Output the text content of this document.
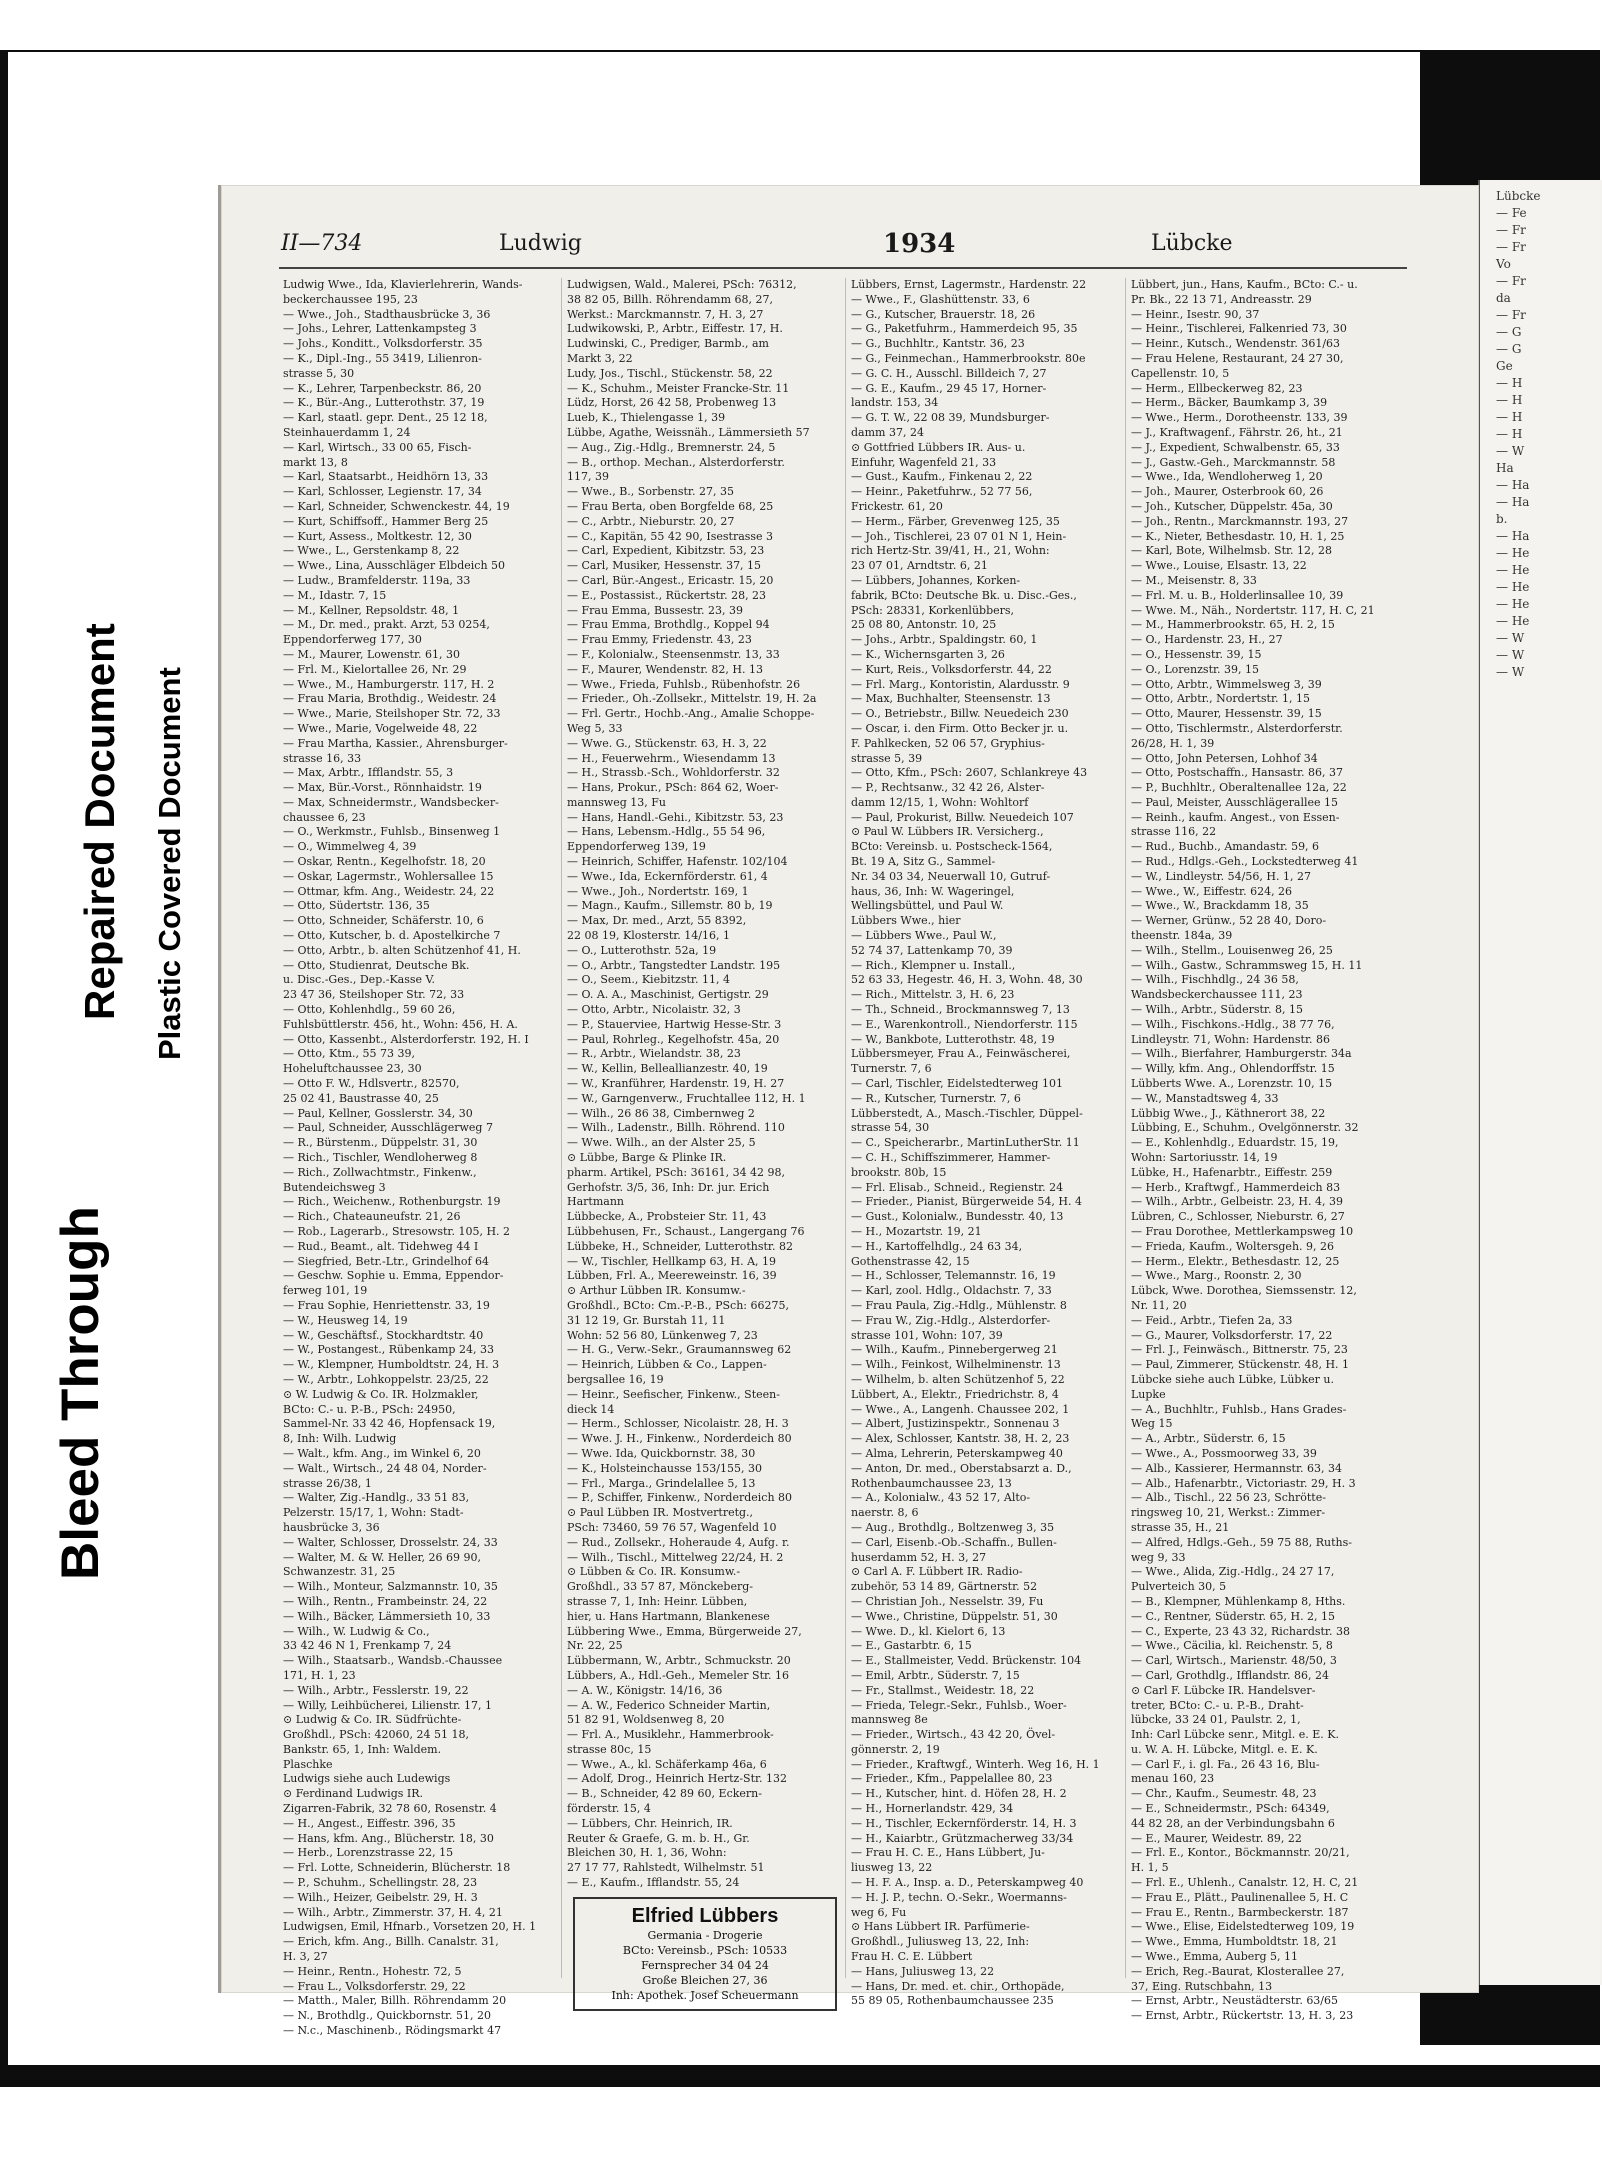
Lübcke
— Fe
— Fr
— Fr
Vo
— Fr
da
— Fr
— G
— G
Ge
— H
— H
— H
— H
— W
Ha
— Ha
— Ha
b.
— Ha
— He
— He
— He
— He
— He
— W
— W
— W
Bleed Through
Repaired Document Plastic Covered Document
II—734	Ludwig	1934	Lübcke
Ludwig Wwe., Ida, Klavierlehrerin, Wands-
beckerchaussee 195, 23
— Wwe., Joh., Stadthausbrücke 3, 36
— Johs., Lehrer, Lattenkampsteg 3
— Johs., Konditt., Volksdorferstr. 35
— K., Dipl.-Ing., 55 3419, Lilienron-
strasse 5, 30
— K., Lehrer, Tarpenbeckstr. 86, 20
— K., Bür.-Ang., Lutterothstr. 37, 19
— Karl, staatl. gepr. Dent., 25 12 18,
Steinhauerdamm 1, 24
— Karl, Wirtsch., 33 00 65, Fisch-
markt 13, 8
— Karl, Staatsarbt., Heidhörn 13, 33
— Karl, Schlosser, Legienstr. 17, 34
— Karl, Schneider, Schwenckestr. 44, 19
— Kurt, Schiffsoff., Hammer Berg 25
— Kurt, Assess., Moltkestr. 12, 30
— Wwe., L., Gerstenkamp 8, 22
— Wwe., Lina, Ausschläger Elbdeich 50
— Ludw., Bramfelderstr. 119a, 33
— M., Idastr. 7, 15
— M., Kellner, Repsoldstr. 48, 1
— M., Dr. med., prakt. Arzt, 53 0254,
Eppendorferweg 177, 30
— M., Maurer, Lowenstr. 61, 30
— Frl. M., Kielortallee 26, Nr. 29
— Wwe., M., Hamburgerstr. 117, H. 2
— Frau Maria, Brothdig., Weidestr. 24
— Wwe., Marie, Steilshoper Str. 72, 33
— Wwe., Marie, Vogelweide 48, 22
— Frau Martha, Kassier., Ahrensburger-
strasse 16, 33
— Max, Arbtr., Ifflandstr. 55, 3
— Max, Bür.-Vorst., Rönnhaidstr. 19
— Max, Schneidermstr., Wandsbecker-
chaussee 6, 23
— O., Werkmstr., Fuhlsb., Binsenweg 1
— O., Wimmelweg 4, 39
— Oskar, Rentn., Kegelhofstr. 18, 20
— Oskar, Lagermstr., Wohlersallee 15
— Ottmar, kfm. Ang., Weidestr. 24, 22
— Otto, Südertstr. 136, 35
— Otto, Schneider, Schäferstr. 10, 6
— Otto, Kutscher, b. d. Apostelkirche 7
— Otto, Arbtr., b. alten Schützenhof 41, H.
— Otto, Studienrat, Deutsche Bk.
u. Disc.-Ges., Dep.-Kasse V.
23 47 36, Steilshoper Str. 72, 33
— Otto, Kohlenhdlg., 59 60 26,
Fuhlsbüttlerstr. 456, ht., Wohn: 456, H. A.
— Otto, Kassenbt., Alsterdorferstr. 192, H. I
— Otto, Ktm., 55 73 39,
Hoheluftchaussee 23, 30
— Otto F. W., Hdlsvertr., 82570,
25 02 41, Baustrasse 40, 25
— Paul, Kellner, Gosslerstr. 34, 30
— Paul, Schneider, Ausschlägerweg 7
— R., Bürstenm., Düppelstr. 31, 30
— Rich., Tischler, Wendloherweg 8
— Rich., Zollwachtmstr., Finkenw.,
Butendeichsweg 3
— Rich., Weichenw., Rothenburgstr. 19
— Rich., Chateauneufstr. 21, 26
— Rob., Lagerarb., Stresowstr. 105, H. 2
— Rud., Beamt., alt. Tidehweg 44 I
— Siegfried, Betr.-Ltr., Grindelhof 64
— Geschw. Sophie u. Emma, Eppendor-
ferweg 101, 19
— Frau Sophie, Henriettenstr. 33, 19
— W., Heusweg 14, 19
— W., Geschäftsf., Stockhardtstr. 40
— W., Postangest., Rübenkamp 24, 33
— W., Klempner, Humboldtstr. 24, H. 3
— W., Arbtr., Lohkoppelstr. 23/25, 22
⊙ W. Ludwig & Co. IR. Holzmakler,
BCto: C.- u. P.-B., PSch: 24950,
Sammel-Nr. 33 42 46, Hopfensack 19,
8, Inh: Wilh. Ludwig
— Walt., kfm. Ang., im Winkel 6, 20
— Walt., Wirtsch., 24 48 04, Norder-
strasse 26/38, 1
— Walter, Zig.-Handlg., 33 51 83,
Pelzerstr. 15/17, 1, Wohn: Stadt-
hausbrücke 3, 36
— Walter, Schlosser, Drosselstr. 24, 33
— Walter, M. & W. Heller, 26 69 90,
Schwanzestr. 31, 25
— Wilh., Monteur, Salzmannstr. 10, 35
— Wilh., Rentn., Frambeinstr. 24, 22
— Wilh., Bäcker, Lämmersieth 10, 33
— Wilh., W. Ludwig & Co.,
33 42 46 N 1, Frenkamp 7, 24
— Wilh., Staatsarb., Wandsb.-Chaussee
171, H. 1, 23
— Wilh., Arbtr., Fesslerstr. 19, 22
— Willy, Leihbücherei, Lilienstr. 17, 1
⊙ Ludwig & Co. IR. Südfrüchte-
Großhdl., PSch: 42060, 24 51 18,
Bankstr. 65, 1, Inh: Waldem.
Plaschke
Ludwigs siehe auch Ludewigs
⊙ Ferdinand Ludwigs IR.
Zigarren-Fabrik, 32 78 60, Rosenstr. 4
— H., Angest., Eiffestr. 396, 35
— Hans, kfm. Ang., Blücherstr. 18, 30
— Herb., Lorenzstrasse 22, 15
— Frl. Lotte, Schneiderin, Blücherstr. 18
— P., Schuhm., Schellingstr. 28, 23
— Wilh., Heizer, Geibelstr. 29, H. 3
— Wilh., Arbtr., Zimmerstr. 37, H. 4, 21
Ludwigsen, Emil, Hfnarb., Vorsetzen 20, H. 1
— Erich, kfm. Ang., Billh. Canalstr. 31,
H. 3, 27
— Heinr., Rentn., Hohestr. 72, 5
— Frau L., Volksdorferstr. 29, 22
— Matth., Maler, Billh. Röhrendamm 20
— N., Brothdlg., Quickbornstr. 51, 20
— N.c., Maschinenb., Rödingsmarkt 47
Ludwigsen, Wald., Malerei, PSch: 76312,
38 82 05, Billh. Röhrendamm 68, 27,
Werkst.: Marckmannstr. 7, H. 3, 27
Ludwikowski, P., Arbtr., Eiffestr. 17, H.
Ludwinski, C., Prediger, Barmb., am
Markt 3, 22
Ludy, Jos., Tischl., Stückenstr. 58, 22
— K., Schuhm., Meister Francke-Str. 11
Lüdz, Horst, 26 42 58, Probenweg 13
Lueb, K., Thielengasse 1, 39
Lübbe, Agathe, Weissnäh., Lämmersieth 57
— Aug., Zig.-Hdlg., Bremnerstr. 24, 5
— B., orthop. Mechan., Alsterdorferstr.
117, 39
— Wwe., B., Sorbenstr. 27, 35
— Frau Berta, oben Borgfelde 68, 25
— C., Arbtr., Nieburstr. 20, 27
— C., Kapitän, 55 42 90, Isestrasse 3
— Carl, Expedient, Kibitzstr. 53, 23
— Carl, Musiker, Hessenstr. 37, 15
— Carl, Bür.-Angest., Ericastr. 15, 20
— E., Postassist., Rückertstr. 28, 23
— Frau Emma, Bussestr. 23, 39
— Frau Emma, Brothdlg., Koppel 94
— Frau Emmy, Friedenstr. 43, 23
— F., Kolonialw., Steensenmstr. 13, 33
— F., Maurer, Wendenstr. 82, H. 13
— Wwe., Frieda, Fuhlsb., Rübenhofstr. 26
— Frieder., Oh.-Zollsekr., Mittelstr. 19, H. 2a
— Frl. Gertr., Hochb.-Ang., Amalie Schoppe-
Weg 5, 33
— Wwe. G., Stückenstr. 63, H. 3, 22
— H., Feuerwehrm., Wiesendamm 13
— H., Strassb.-Sch., Wohldorferstr. 32
— Hans, Prokur., PSch: 864 62, Woer-
mannsweg 13, Fu
— Hans, Handl.-Gehi., Kibitzstr. 53, 23
— Hans, Lebensm.-Hdlg., 55 54 96,
Eppendorferweg 139, 19
— Heinrich, Schiffer, Hafenstr. 102/104
— Wwe., Ida, Eckernförderstr. 61, 4
— Wwe., Joh., Nordertstr. 169, 1
— Magn., Kaufm., Sillemstr. 80 b, 19
— Max, Dr. med., Arzt, 55 8392,
22 08 19, Klosterstr. 14/16, 1
— O., Lutterothstr. 52a, 19
— O., Arbtr., Tangstedter Landstr. 195
— O., Seem., Kiebitzstr. 11, 4
— O. A. A., Maschinist, Gertigstr. 29
— Otto, Arbtr., Nicolaistr. 32, 3
— P., Stauerviee, Hartwig Hesse-Str. 3
— Paul, Rohrleg., Kegelhofstr. 45a, 20
— R., Arbtr., Wielandstr. 38, 23
— W., Kellin, Belleallianzestr. 40, 19
— W., Kranführer, Hardenstr. 19, H. 27
— W., Garngenverw., Fruchtallee 112, H. 1
— Wilh., 26 86 38, Cimbernweg 2
— Wilh., Ladenstr., Billh. Röhrend. 110
— Wwe. Wilh., an der Alster 25, 5
⊙ Lübbe, Barge & Plinke IR.
pharm. Artikel, PSch: 36161, 34 42 98,
Gerhofstr. 3/5, 36, Inh: Dr. jur. Erich
Hartmann
Lübbecke, A., Probsteier Str. 11, 43
Lübbehusen, Fr., Schaust., Langergang 76
Lübbeke, H., Schneider, Lutterothstr. 82
— W., Tischler, Hellkamp 63, H. A, 19
Lübben, Frl. A., Meereweinstr. 16, 39
⊙ Arthur Lübben IR. Konsumw.-
Großhdl., BCto: Cm.-P.-B., PSch: 66275,
31 12 19, Gr. Burstah 11, 11
Wohn: 52 56 80, Lünkenweg 7, 23
— H. G., Verw.-Sekr., Graumannsweg 62
— Heinrich, Lübben & Co., Lappen-
bergsallee 16, 19
— Heinr., Seefischer, Finkenw., Steen-
dieck 14
— Herm., Schlosser, Nicolaistr. 28, H. 3
— Wwe. J. H., Finkenw., Norderdeich 80
— Wwe. Ida, Quickbornstr. 38, 30
— K., Holsteinchausse 153/155, 30
— Frl., Marga., Grindelallee 5, 13
— P., Schiffer, Finkenw., Norderdeich 80
⊙ Paul Lübben IR. Mostvertretg.,
PSch: 73460, 59 76 57, Wagenfeld 10
— Rud., Zollsekr., Hoheraude 4, Aufg. r.
— Wilh., Tischl., Mittelweg 22/24, H. 2
⊙ Lübben & Co. IR. Konsumw.-
Großhdl., 33 57 87, Mönckeberg-
strasse 7, 1, Inh: Heinr. Lübben,
hier, u. Hans Hartmann, Blankenese
Lübbering Wwe., Emma, Bürgerweide 27,
Nr. 22, 25
Lübbermann, W., Arbtr., Schmuckstr. 20
Lübbers, A., Hdl.-Geh., Memeler Str. 16
— A. W., Königstr. 14/16, 36
— A. W., Federico Schneider Martin,
51 82 91, Woldsenweg 8, 20
— Frl. A., Musiklehr., Hammerbrook-
strasse 80c, 15
— Wwe., A., kl. Schäferkamp 46a, 6
— Adolf, Drog., Heinrich Hertz-Str. 132
— B., Schneider, 42 89 60, Eckern-
förderstr. 15, 4
— Lübbers, Chr. Heinrich, IR.
Reuter & Graefe, G. m. b. H., Gr.
Bleichen 30, H. 1, 36, Wohn:
27 17 77, Rahlstedt, Wilhelmstr. 51
— E., Kaufm., Ifflandstr. 55, 24
Elfried Lübbers
Germania - Drogerie
BCto: Vereinsb., PSch: 10533
Fernsprecher 34 04 24
Große Bleichen 27, 36
Inh: Apothek. Josef Scheuermann
Lübbers, Ernst, Lagermstr., Hardenstr. 22
— Wwe., F., Glashüttenstr. 33, 6
— G., Kutscher, Brauerstr. 18, 26
— G., Paketfuhrm., Hammerdeich 95, 35
— G., Buchhltr., Kantstr. 36, 23
— G., Feinmechan., Hammerbrookstr. 80e
— G. C. H., Ausschl. Billdeich 7, 27
— G. E., Kaufm., 29 45 17, Horner-
landstr. 153, 34
— G. T. W., 22 08 39, Mundsburger-
damm 37, 24
⊙ Gottfried Lübbers IR. Aus- u.
Einfuhr, Wagenfeld 21, 33
— Gust., Kaufm., Finkenau 2, 22
— Heinr., Paketfuhrw., 52 77 56,
Frickestr. 61, 20
— Herm., Färber, Grevenweg 125, 35
— Joh., Tischlerei, 23 07 01 N 1, Hein-
rich Hertz-Str. 39/41, H., 21, Wohn:
23 07 01, Arndtstr. 6, 21
— Lübbers, Johannes, Korken-
fabrik, BCto: Deutsche Bk. u. Disc.-Ges.,
PSch: 28331, Korkenlübbers,
25 08 80, Antonstr. 10, 25
— Johs., Arbtr., Spaldingstr. 60, 1
— K., Wichernsgarten 3, 26
— Kurt, Reis., Volksdorferstr. 44, 22
— Frl. Marg., Kontoristin, Alardusstr. 9
— Max, Buchhalter, Steensenstr. 13
— O., Betriebstr., Billw. Neuedeich 230
— Oscar, i. den Firm. Otto Becker jr. u.
F. Pahlkecken, 52 06 57, Gryphius-
strasse 5, 39
— Otto, Kfm., PSch: 2607, Schlankreye 43
— P., Rechtsanw., 32 42 26, Alster-
damm 12/15, 1, Wohn: Wohltorf
— Paul, Prokurist, Billw. Neuedeich 107
⊙ Paul W. Lübbers IR. Versicherg.,
BCto: Vereinsb. u. Postscheck-1564,
Bt. 19 A, Sitz G., Sammel-
Nr. 34 03 34, Neuerwall 10, Gutruf-
haus, 36, Inh: W. Wageringel,
Wellingsbüttel, und Paul W.
Lübbers Wwe., hier
— Lübbers Wwe., Paul W.,
52 74 37, Lattenkamp 70, 39
— Rich., Klempner u. Install.,
52 63 33, Hegestr. 46, H. 3, Wohn. 48, 30
— Rich., Mittelstr. 3, H. 6, 23
— Th., Schneid., Brockmannsweg 7, 13
— E., Warenkontroll., Niendorferstr. 115
— W., Bankbote, Lutterothstr. 48, 19
Lübbersmeyer, Frau A., Feinwäscherei,
Turnerstr. 7, 6
— Carl, Tischler, Eidelstedterweg 101
— R., Kutscher, Turnerstr. 7, 6
Lübberstedt, A., Masch.-Tischler, Düppel-
strasse 54, 30
— C., Speicherarbr., MartinLutherStr. 11
— C. H., Schiffszimmerer, Hammer-
brookstr. 80b, 15
— Frl. Elisab., Schneid., Regienstr. 24
— Frieder., Pianist, Bürgerweide 54, H. 4
— Gust., Kolonialw., Bundesstr. 40, 13
— H., Mozartstr. 19, 21
— H., Kartoffelhdlg., 24 63 34,
Gothenstrasse 42, 15
— H., Schlosser, Telemannstr. 16, 19
— Karl, zool. Hdlg., Oldachstr. 7, 33
— Frau Paula, Zig.-Hdlg., Mühlenstr. 8
— Frau W., Zig.-Hdlg., Alsterdorfer-
strasse 101, Wohn: 107, 39
— Wilh., Kaufm., Pinnebergerweg 21
— Wilh., Feinkost, Wilhelminenstr. 13
— Wilhelm, b. alten Schützenhof 5, 22
Lübbert, A., Elektr., Friedrichstr. 8, 4
— Wwe., A., Langenh. Chaussee 202, 1
— Albert, Justizinspektr., Sonnenau 3
— Alex, Schlosser, Kantstr. 38, H. 2, 23
— Alma, Lehrerin, Peterskampweg 40
— Anton, Dr. med., Oberstabsarzt a. D.,
Rothenbaumchaussee 23, 13
— A., Kolonialw., 43 52 17, Alto-
naerstr. 8, 6
— Aug., Brothdlg., Boltzenweg 3, 35
— Carl, Eisenb.-Ob.-Schaffn., Bullen-
huserdamm 52, H. 3, 27
⊙ Carl A. F. Lübbert IR. Radio-
zubehör, 53 14 89, Gärtnerstr. 52
— Christian Joh., Nesselstr. 39, Fu
— Wwe., Christine, Düppelstr. 51, 30
— Wwe. D., kl. Kielort 6, 13
— E., Gastarbtr. 6, 15
— E., Stallmeister, Vedd. Brückenstr. 104
— Emil, Arbtr., Süderstr. 7, 15
— Fr., Stallmst., Weidestr. 18, 22
— Frieda, Telegr.-Sekr., Fuhlsb., Woer-
mannsweg 8e
— Frieder., Wirtsch., 43 42 20, Övel-
gönnerstr. 2, 19
— Frieder., Kraftwgf., Winterh. Weg 16, H. 1
— Frieder., Kfm., Pappelallee 80, 23
— H., Kutscher, hint. d. Höfen 28, H. 2
— H., Hornerlandstr. 429, 34
— H., Tischler, Eckernförderstr. 14, H. 3
— H., Kaiarbtr., Grützmacherweg 33/34
— Frau H. C. E., Hans Lübbert, Ju-
liusweg 13, 22
— H. F. A., Insp. a. D., Peterskampweg 40
— H. J. P., techn. O.-Sekr., Woermanns-
weg 6, Fu
⊙ Hans Lübbert IR. Parfümerie-
Großhdl., Juliusweg 13, 22, Inh:
Frau H. C. E. Lübbert
— Hans, Juliusweg 13, 22
— Hans, Dr. med. et. chir., Orthopäde,
55 89 05, Rothenbaumchaussee 235
Lübbert, jun., Hans, Kaufm., BCto: C.- u.
Pr. Bk., 22 13 71, Andreasstr. 29
— Heinr., Isestr. 90, 37
— Heinr., Tischlerei, Falkenried 73, 30
— Heinr., Kutsch., Wendenstr. 361/63
— Frau Helene, Restaurant, 24 27 30,
Capellenstr. 10, 5
— Herm., Ellbeckerweg 82, 23
— Herm., Bäcker, Baumkamp 3, 39
— Wwe., Herm., Dorotheenstr. 133, 39
— J., Kraftwagenf., Fährstr. 26, ht., 21
— J., Expedient, Schwalbenstr. 65, 33
— J., Gastw.-Geh., Marckmannstr. 58
— Wwe., Ida, Wendloherweg 1, 20
— Joh., Maurer, Osterbrook 60, 26
— Joh., Kutscher, Düppelstr. 45a, 30
— Joh., Rentn., Marckmannstr. 193, 27
— K., Nieter, Bethesdastr. 10, H. 1, 25
— Karl, Bote, Wilhelmsb. Str. 12, 28
— Wwe., Louise, Elsastr. 13, 22
— M., Meisenstr. 8, 33
— Frl. M. u. B., Holderlinsallee 10, 39
— Wwe. M., Näh., Nordertstr. 117, H. C, 21
— M., Hammerbrookstr. 65, H. 2, 15
— O., Hardenstr. 23, H., 27
— O., Hessenstr. 39, 15
— O., Lorenzstr. 39, 15
— Otto, Arbtr., Wimmelsweg 3, 39
— Otto, Arbtr., Nordertstr. 1, 15
— Otto, Maurer, Hessenstr. 39, 15
— Otto, Tischlermstr., Alsterdorferstr.
26/28, H. 1, 39
— Otto, John Petersen, Lohhof 34
— Otto, Postschaffn., Hansastr. 86, 37
— P., Buchhltr., Oberaltenallee 12a, 22
— Paul, Meister, Ausschlägerallee 15
— Reinh., kaufm. Angest., von Essen-
strasse 116, 22
— Rud., Buchb., Amandastr. 59, 6
— Rud., Hdlgs.-Geh., Lockstedterweg 41
— W., Lindleystr. 54/56, H. 1, 27
— Wwe., W., Eiffestr. 624, 26
— Wwe., W., Brackdamm 18, 35
— Werner, Grünw., 52 28 40, Doro-
theenstr. 184a, 39
— Wilh., Stellm., Louisenweg 26, 25
— Wilh., Gastw., Schrammsweg 15, H. 11
— Wilh., Fischhdlg., 24 36 58,
Wandsbeckerchaussee 111, 23
— Wilh., Arbtr., Süderstr. 8, 15
— Wilh., Fischkons.-Hdlg., 38 77 76,
Lindleystr. 71, Wohn: Hardenstr. 86
— Wilh., Bierfahrer, Hamburgerstr. 34a
— Willy, kfm. Ang., Ohlendorffstr. 15
Lübberts Wwe. A., Lorenzstr. 10, 15
— W., Manstadtsweg 4, 33
Lübbig Wwe., J., Käthnerort 38, 22
Lübbing, E., Schuhm., Ovelgönnerstr. 32
— E., Kohlenhdlg., Eduardstr. 15, 19,
Wohn: Sartoriusstr. 14, 19
Lübke, H., Hafenarbtr., Eiffestr. 259
— Herb., Kraftwgf., Hammerdeich 83
— Wilh., Arbtr., Gelbeistr. 23, H. 4, 39
Lübren, C., Schlosser, Nieburstr. 6, 27
— Frau Dorothee, Mettlerkampsweg 10
— Frieda, Kaufm., Woltersgeh. 9, 26
— Herm., Elektr., Bethesdastr. 12, 25
— Wwe., Marg., Roonstr. 2, 30
Lübck, Wwe. Dorothea, Siemssenstr. 12,
Nr. 11, 20
— Feid., Arbtr., Tiefen 2a, 33
— G., Maurer, Volksdorferstr. 17, 22
— Frl. J., Feinwäsch., Bittnerstr. 75, 23
— Paul, Zimmerer, Stückenstr. 48, H. 1
Lübcke siehe auch Lübke, Lübker u.
Lupke
— A., Buchhltr., Fuhlsb., Hans Grades-
Weg 15
— A., Arbtr., Süderstr. 6, 15
— Wwe., A., Possmoorweg 33, 39
— Alb., Kassierer, Hermannstr. 63, 34
— Alb., Hafenarbtr., Victoriastr. 29, H. 3
— Alb., Tischl., 22 56 23, Schrötte-
ringsweg 10, 21, Werkst.: Zimmer-
strasse 35, H., 21
— Alfred, Hdlgs.-Geh., 59 75 88, Ruths-
weg 9, 33
— Wwe., Alida, Zig.-Hdlg., 24 27 17,
Pulverteich 30, 5
— B., Klempner, Mühlenkamp 8, Hths.
— C., Rentner, Süderstr. 65, H. 2, 15
— C., Experte, 23 43 32, Richardstr. 38
— Wwe., Cäcilia, kl. Reichenstr. 5, 8
— Carl, Wirtsch., Marienstr. 48/50, 3
— Carl, Grothdlg., Ifflandstr. 86, 24
⊙ Carl F. Lübcke IR. Handelsver-
treter, BCto: C.- u. P.-B., Draht-
lübcke, 33 24 01, Paulstr. 2, 1,
Inh: Carl Lübcke senr., Mitgl. e. E. K.
u. W. A. H. Lübcke, Mitgl. e. E. K.
— Carl F., i. gl. Fa., 26 43 16, Blu-
menau 160, 23
— Chr., Kaufm., Seumestr. 48, 23
— E., Schneidermstr., PSch: 64349,
44 82 28, an der Verbindungsbahn 6
— E., Maurer, Weidestr. 89, 22
— Frl. E., Kontor., Böckmannstr. 20/21,
H. 1, 5
— Frl. E., Uhlenh., Canalstr. 12, H. C, 21
— Frau E., Plätt., Paulinenallee 5, H. C
— Frau E., Rentn., Barmbeckerstr. 187
— Wwe., Elise, Eidelstedterweg 109, 19
— Wwe., Emma, Humboldtstr. 18, 21
— Wwe., Emma, Auberg 5, 11
— Erich, Reg.-Baurat, Klosterallee 27,
37, Eing. Rutschbahn, 13
— Ernst, Arbtr., Neustädterstr. 63/65
— Ernst, Arbtr., Rückertstr. 13, H. 3, 23
